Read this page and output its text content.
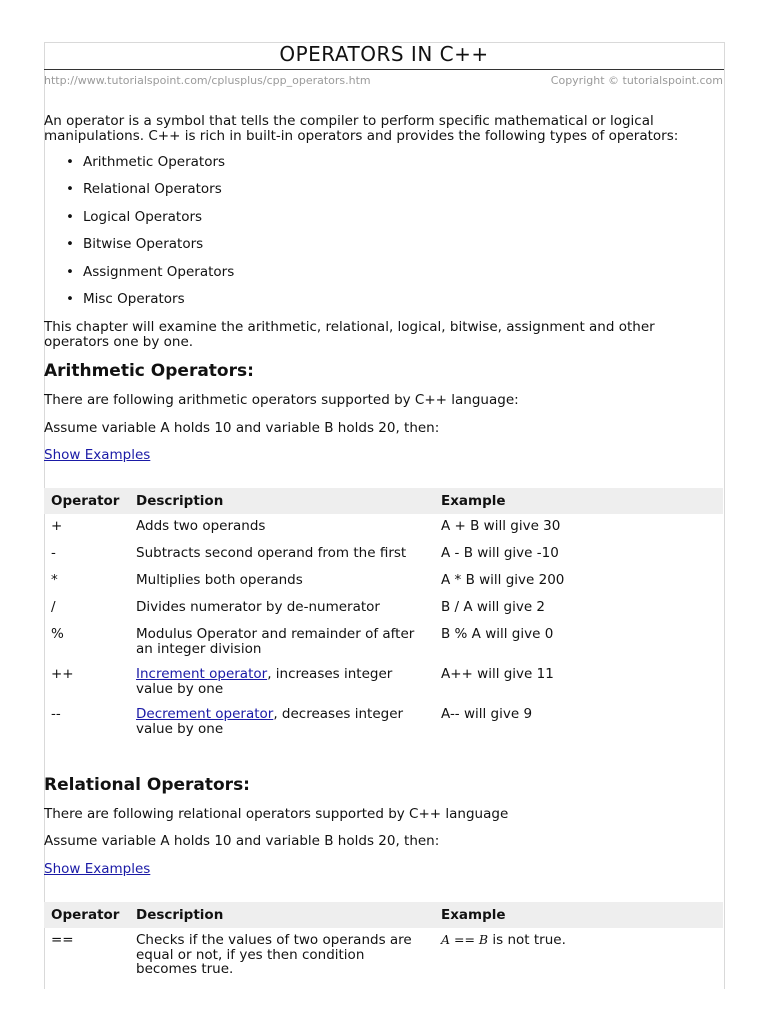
OPERATORS IN C++
http://www.tutorialspoint.com/cplusplus/cpp_operators.htm	Copyright © tutorialspoint.com

An operator is a symbol that tells the compiler to perform specific mathematical or logical

manipulations. C++ is rich in built-in operators and provides the following types of operators:

• Arithmetic Operators
• Relational Operators
• Logical Operators
• Bitwise Operators
• Assignment Operators
• Misc Operators

This chapter will examine the arithmetic, relational, logical, bitwise, assignment and other

operators one by one.

Arithmetic Operators:

There are following arithmetic operators supported by C++ language:

Assume variable A holds 10 and variable B holds 20, then:

Show Examples

Operator	Description	Example
+	Adds two operands	A + B will give 30
-	Subtracts second operand from the first	A - B will give -10
*	Multiplies both operands	A * B will give 200
/	Divides numerator by de-numerator	B / A will give 2
%	Modulus Operator and remainder of after
an integer division	B % A will give 0
++	Increment operator, increases integer
value by one	A++ will give 11
--	Decrement operator, decreases integer
value by one	A-- will give 9
Relational Operators:

There are following relational operators supported by C++ language

Assume variable A holds 10 and variable B holds 20, then:

Show Examples

Operator	Description	Example
==	Checks if the values of two operands are
equal or not, if yes then condition
becomes true.	A == B is not true.
